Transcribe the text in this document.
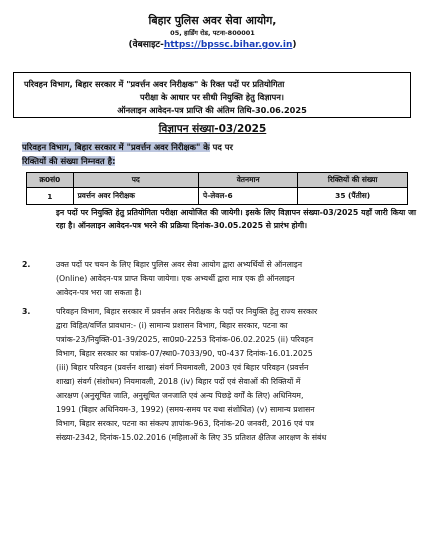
बिहार पुलिस अवर सेवा आयोग,
05, हार्डिंग रोड, पटना-800001
(वेबसाइट-https://bpssc.bihar.gov.in)
परिवहन विभाग, बिहार सरकार में "प्रवर्त्तन अवर निरीक्षक" के रिक्त पदों पर प्रतियोगिता
परीक्षा के आधार पर सीधी नियुक्ति हेतु विज्ञापन।
ऑनलाइन आवेदन-पत्र प्राप्ति की अंतिम तिथि-30.06.2025
विज्ञापन संख्या-03/2025
परिवहन विभाग, बिहार सरकार में "प्रवर्त्तन अवर निरीक्षक" के पद पर
रिक्तियों की संख्या निम्नवत है:
क्र0सं0	पद	वेतनमान	रिक्तियों की संख्या
1	प्रवर्त्तन अवर निरीक्षक	पे-लेवल-6	35 (पैंतीस)
इन पदों पर नियुक्ति हेतु प्रतियोगिता परीक्षा आयोजित की जायेगी। इसके लिए विज्ञापन संख्या-03/2025 यहाँ जारी किया जा रहा है। ऑनलाइन आवेदन-पत्र भरने की प्रक्रिया दिनांक-30.05.2025 से प्रारंभ होगी।
2.	उक्त पदों पर चयन के लिए बिहार पुलिस अवर सेवा आयोग द्वारा अभ्यर्थियों से ऑनलाइन
(Online) आवेदन-पत्र प्राप्त किया जायेगा। एक अभ्यर्थी द्वारा मात्र एक ही ऑनलाइन
आवेदन-पत्र भरा जा सकता है।
3.	परिवहन विभाग, बिहार सरकार में प्रवर्त्तन अवर निरीक्षक के पदों पर नियुक्ति हेतु राज्य सरकार
द्वारा विहित/वर्णित प्रावधान:- (i) सामान्य प्रशासन विभाग, बिहार सरकार, पटना का
पत्रांक-23/नियुक्ति-01-39/2025, सा0प्र0-2253 दिनांक-06.02.2025 (ii) परिवहन
विभाग, बिहार सरकार का पत्रांक-07/स्था0-7033/90, प0-437 दिनांक-16.01.2025
(iii) बिहार परिवहन (प्रवर्त्तन शाखा) संवर्ग नियमावली, 2003 एवं बिहार परिवहन (प्रवर्त्तन
शाखा) संवर्ग (संशोधन) नियमावली, 2018 (iv) बिहार पदों एवं सेवाओं की रिक्तियों में
आरक्षण (अनुसूचित जाति, अनुसूचित जनजाति एवं अन्य पिछड़े वर्गों के लिए) अधिनियम,
1991 (बिहार अधिनियम-3, 1992) (समय-समय पर यथा संशोधित) (v) सामान्य प्रशासन
विभाग, बिहार सरकार, पटना का संकल्प ज्ञापांक-963, दिनांक-20 जनवरी, 2016 एवं पत्र
संख्या-2342, दिनांक-15.02.2016 (महिलाओं के लिए 35 प्रतिशत क्षैतिज आरक्षण के संबंध
